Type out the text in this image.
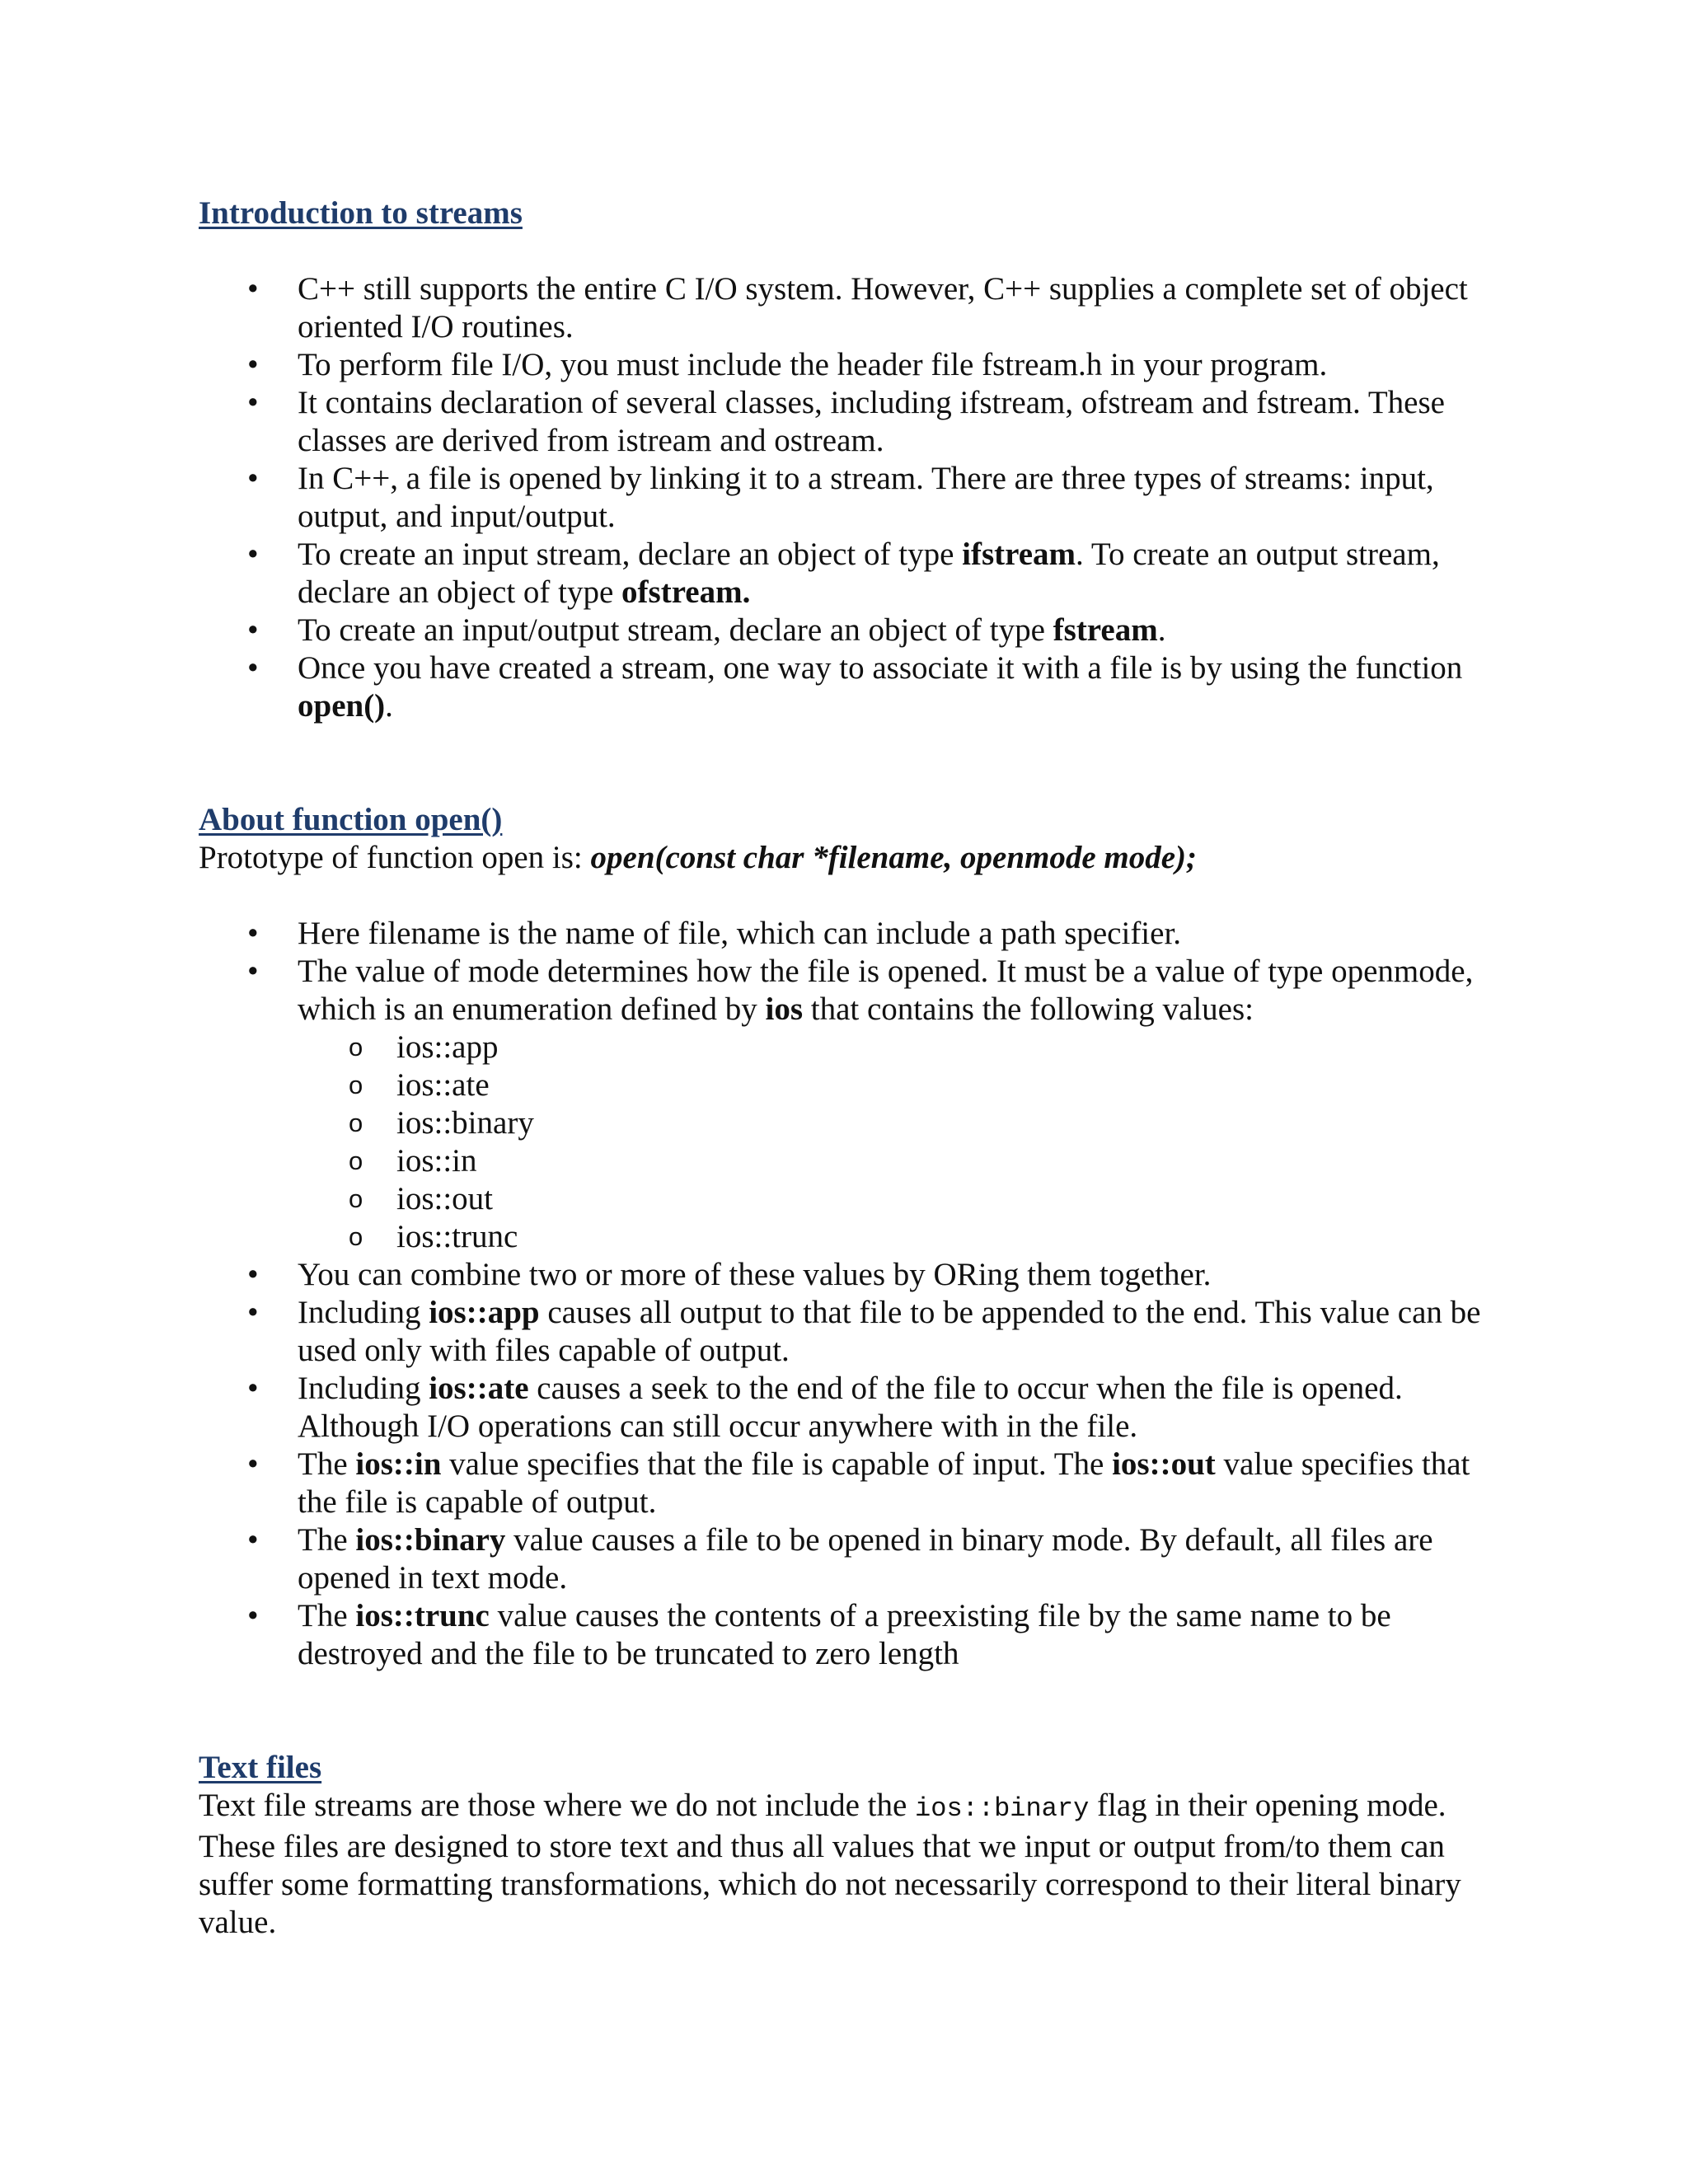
Introduction to streams
• C++ still supports the entire C I/O system. However, C++ supplies a complete set of object oriented I/O routines.
• To perform file I/O, you must include the header file fstream.h in your program.
• It contains declaration of several classes, including ifstream, ofstream and fstream. These classes are derived from istream and ostream.
• In C++, a file is opened by linking it to a stream. There are three types of streams: input, output, and input/output.
• To create an input stream, declare an object of type ifstream. To create an output stream, declare an object of type ofstream.
• To create an input/output stream, declare an object of type fstream.
• Once you have created a stream, one way to associate it with a file is by using the function open().
About function open()

Prototype of function open is: open(const char *filename, openmode mode);

• Here filename is the name of file, which can include a path specifier.
• The value of mode determines how the file is opened. It must be a value of type openmode, which is an enumeration defined by ios that contains the following values:
o ios::app
o ios::ate
o ios::binary
o ios::in
o ios::out
o ios::trunc
• You can combine two or more of these values by ORing them together.
• Including ios::app causes all output to that file to be appended to the end. This value can be used only with files capable of output.
• Including ios::ate causes a seek to the end of the file to occur when the file is opened. Although I/O operations can still occur anywhere with in the file.
• The ios::in value specifies that the file is capable of input. The ios::out value specifies that the file is capable of output.
• The ios::binary value causes a file to be opened in binary mode. By default, all files are opened in text mode.
• The ios::trunc value causes the contents of a preexisting file by the same name to be destroyed and the file to be truncated to zero length
Text files

Text file streams are those where we do not include the ios::binary flag in their opening mode. These files are designed to store text and thus all values that we input or output from/to them can suffer some formatting transformations, which do not necessarily correspond to their literal binary value.
